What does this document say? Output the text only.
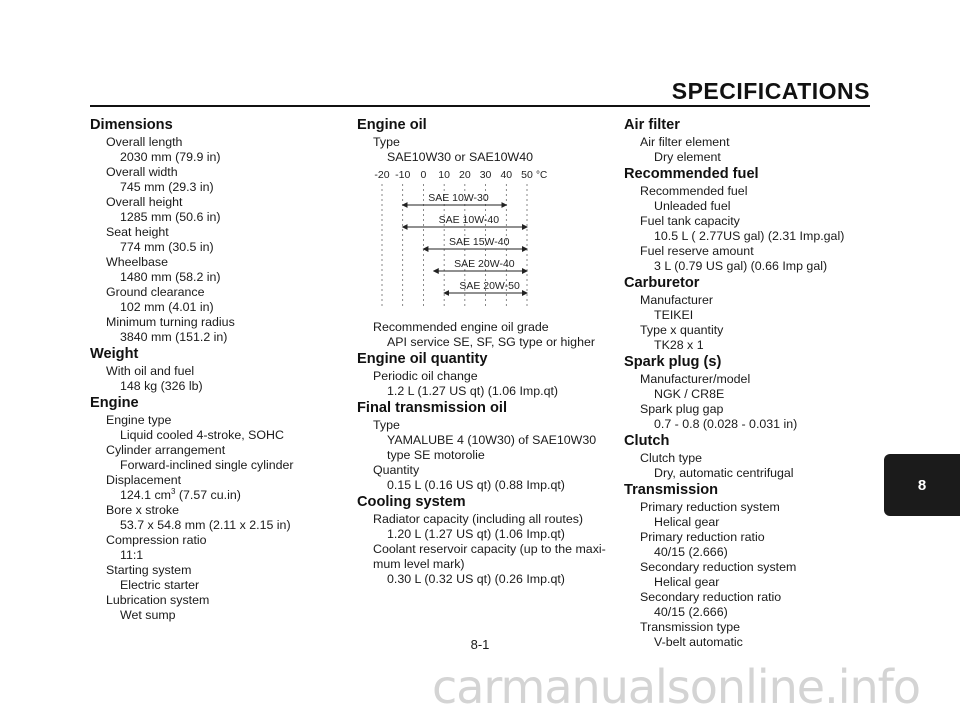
SPECIFICATIONS
Dimensions
Overall length
2030 mm (79.9 in)
Overall width
745 mm (29.3 in)
Overall height
1285 mm (50.6 in)
Seat height
774 mm (30.5 in)
Wheelbase
1480 mm (58.2 in)
Ground clearance
102 mm (4.01 in)
Minimum turning radius
3840 mm (151.2 in)
Weight
With oil and fuel
148 kg (326 lb)
Engine
Engine type
Liquid cooled 4-stroke, SOHC
Cylinder arrangement
Forward-inclined single cylinder
Displacement
124.1 $cm^3$ (7.57 cu.in)
Bore x stroke
53.7 x 54.8 mm (2.11 x 2.15 in)
Compression ratio
11:1
Starting system
Electric starter
Lubrication system
Wet sump
Engine oil
Type
SAE10W30 or SAE10W40
-20 -10 0 10 20 30 40 50 °C
SAE 10W-30
SAE 10W-40
SAE 15W-40
SAE 20W-40
SAE 20W-50
Recommended engine oil grade
API service SE, SF, SG type or higher
Engine oil quantity
Periodic oil change
1.2 L (1.27 US qt) (1.06 Imp.qt)
Final transmission oil
Type
YAMALUBE 4 (10W30) of SAE10W30
type SE motorolie
Quantity
0.15 L (0.16 US qt) (0.88 Imp.qt)
Cooling system
Radiator capacity (including all routes)
1.20 L (1.27 US qt) (1.06 Imp.qt)
Coolant reservoir capacity (up to the maxi-
mum level mark)
0.30 L (0.32 US qt) (0.26 Imp.qt)
Air filter
Air filter element
Dry element
Recommended fuel
Recommended fuel
Unleaded fuel
Fuel tank capacity
10.5 L ( 2.77US gal) (2.31 Imp.gal)
Fuel reserve amount
3 L (0.79 US gal) (0.66 Imp gal)
Carburetor
Manufacturer
TEIKEI
Type x quantity
TK28 x 1
Spark plug (s)
Manufacturer/model
NGK / CR8E
Spark plug gap
0.7 - 0.8 (0.028 - 0.031 in)
Clutch
Clutch type
Dry, automatic centrifugal
Transmission
Primary reduction system
Helical gear
Primary reduction ratio
40/15 (2.666)
Secondary reduction system
Helical gear
Secondary reduction ratio
40/15 (2.666)
Transmission type
V-belt automatic
8
8-1
carmanualsonline.info
